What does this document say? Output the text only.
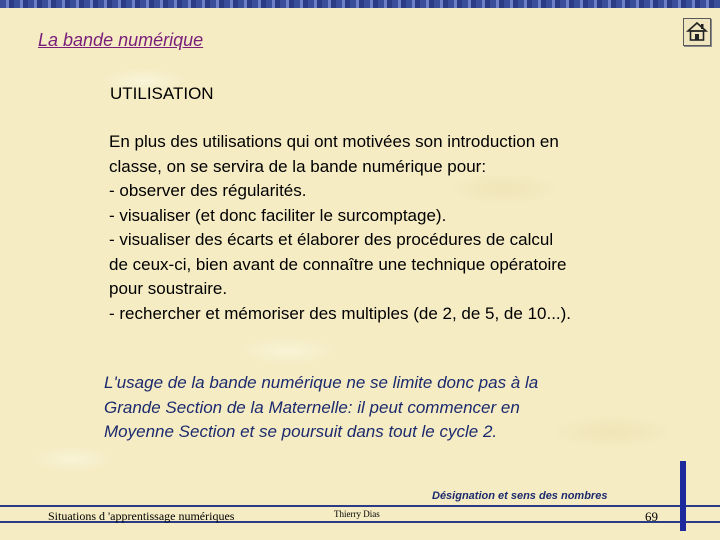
La bande numérique
UTILISATION
En plus des utilisations qui ont motivées son introduction en
classe, on se servira de la bande numérique pour:
- observer des régularités.
- visualiser (et donc faciliter le surcomptage).
- visualiser des écarts et élaborer des procédures de calcul
de ceux-ci, bien avant de connaître une technique opératoire
pour soustraire.
- rechercher et mémoriser des multiples (de 2, de 5, de 10...).
L'usage de la bande numérique ne se limite donc pas à la
Grande Section de la Maternelle: il peut commencer en
Moyenne Section et se poursuit dans tout le cycle 2.
Désignation et sens des nombres
Situations d 'apprentissage numériques	Thierry Dias	69
